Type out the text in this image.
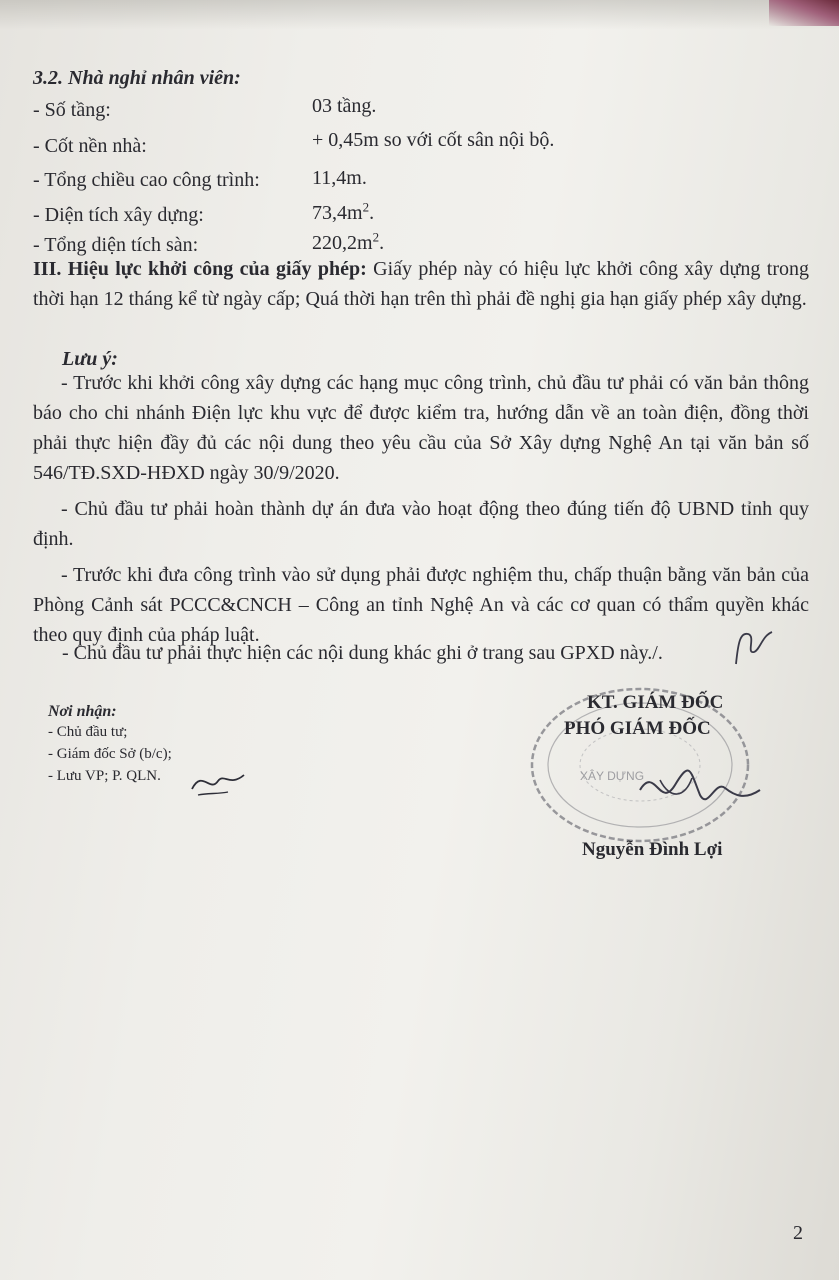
3.2. Nhà nghỉ nhân viên:
- Số tầng:	03 tầng.
- Cốt nền nhà:	+ 0,45m so với cốt sân nội bộ.
- Tổng chiều cao công trình:	11,4m.
- Diện tích xây dựng:	$73,4m^2$.
- Tổng diện tích sàn:	$220,2m^2$.
III. Hiệu lực khởi công của giấy phép: Giấy phép này có hiệu lực khởi công xây dựng trong thời hạn 12 tháng kể từ ngày cấp; Quá thời hạn trên thì phải đề nghị gia hạn giấy phép xây dựng.
Lưu ý:
- Trước khi khởi công xây dựng các hạng mục công trình, chủ đầu tư phải có văn bản thông báo cho chi nhánh Điện lực khu vực để được kiểm tra, hướng dẫn về an toàn điện, đồng thời phải thực hiện đầy đủ các nội dung theo yêu cầu của Sở Xây dựng Nghệ An tại văn bản số 546/TĐ.SXD-HĐXD ngày 30/9/2020.
- Chủ đầu tư phải hoàn thành dự án đưa vào hoạt động theo đúng tiến độ UBND tỉnh quy định.
- Trước khi đưa công trình vào sử dụng phải được nghiệm thu, chấp thuận bằng văn bản của Phòng Cảnh sát PCCC&CNCH – Công an tỉnh Nghệ An và các cơ quan có thẩm quyền khác theo quy định của pháp luật.
- Chủ đầu tư phải thực hiện các nội dung khác ghi ở trang sau GPXD này./.
Nơi nhận:
- Chủ đầu tư;
- Giám đốc Sở (b/c);
- Lưu VP; P. QLN.	XÂY DỰNG
KT. GIÁM ĐỐC
PHÓ GIÁM ĐỐC
Nguyễn Đình Lợi
2
